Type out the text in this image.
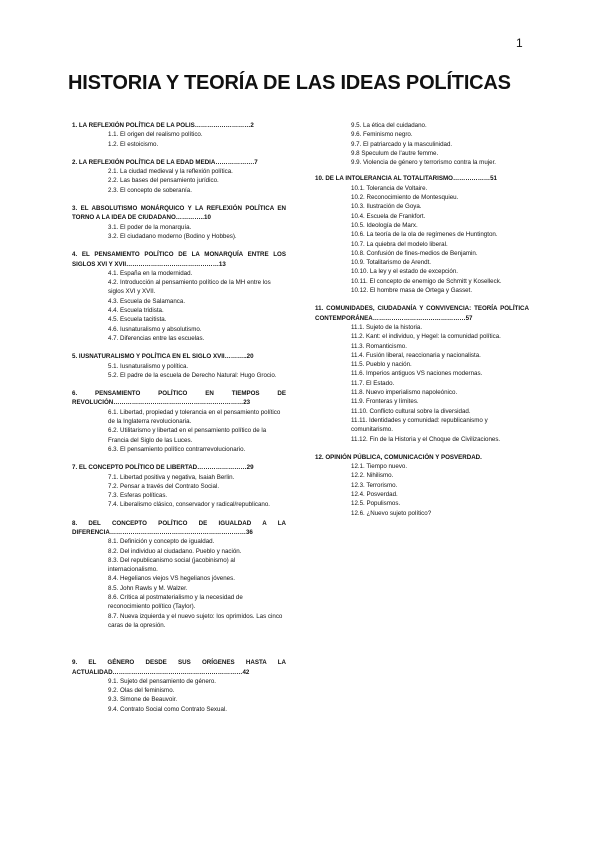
1
HISTORIA Y TEORÍA DE LAS IDEAS POLÍTICAS
1. LA REFLEXIÓN POLÍTICA DE LA POLIS………………………2
1.1. El origen del realismo político.
1.2. El estoicismo.
2. LA REFLEXIÓN POLÍTICA DE LA EDAD MEDIA……………….7
2.1. La ciudad medieval y la reflexión política.
2.2. Las bases del pensamiento jurídico.
2.3. El concepto de soberanía.
3. EL ABSOLUTISMO MONÁRQUICO Y LA REFLEXIÓN POLÍTICA EN TORNO A LA IDEA DE CIUDADANO…………..10
3.1. El poder de la monarquía.
3.2. El ciudadano moderno (Bodino y Hobbes).
4. EL PENSAMIENTO POLÍTICO DE LA MONARQUÍA ENTRE LOS SIGLOS XVI Y XVII………………………………………13
4.1. España en la modernidad.
4.2. Introducción al pensamiento político de la MH entre los siglos XVI y XVII.
4.3. Escuela de Salamanca.
4.4. Escuela tridista.
4.5. Escuela tacitista.
4.6. Iusnaturalismo y absolutismo.
4.7. Diferencias entre las escuelas.
5. IUSNATURALISMO Y POLÍTICA EN EL SIGLO XVII………..20
5.1. Iusnaturalismo y política.
5.2. El padre de la escuela de Derecho Natural: Hugo Grocio.
6. PENSAMIENTO POLÍTICO EN TIEMPOS DE REVOLUCIÓN………………………………………………………23
6.1. Libertad, propiedad y tolerancia en el pensamiento político de la Inglaterra revolucionaria.
6.2. Utilitarismo y libertad en el pensamiento político de la Francia del Siglo de las Luces.
6.3. El pensamiento político contrarrevolucionario.
7. EL CONCEPTO POLÍTICO DE LIBERTAD……………………29
7.1. Libertad positiva y negativa, Isaiah Berlin.
7.2. Pensar a través del Contrato Social.
7.3. Esferas políticas.
7.4. Liberalismo clásico, conservador y radical/republicano.
8. DEL CONCEPTO POLÍTICO DE IGUALDAD A LA DIFERENCIA…………………………………………………………36
8.1. Definición y concepto de igualdad.
8.2. Del individuo al ciudadano. Pueblo y nación.
8.3. Del republicanismo social (jacobinismo) al internacionalismo.
8.4. Hegelianos viejos VS hegelianos jóvenes.
8.5. John Rawls y M. Walzer.
8.6. Crítica al postmaterialismo y la necesidad de reconocimiento político (Taylor).
8.7. Nueva izquierda y el nuevo sujeto: los oprimidos. Las cinco caras de la opresión.
9. EL GÉNERO DESDE SUS ORÍGENES HASTA LA ACTUALIDAD………………………………………………………42
9.1. Sujeto del pensamiento de género.
9.2. Olas del feminismo.
9.3. Simone de Beauvoir.
9.4. Contrato Social como Contrato Sexual.
9.5. La ética del cuidadano.
9.6. Feminismo negro.
9.7. El patriarcado y la masculinidad.
9.8 Speculum de l'autre femme.
9.9. Violencia de género y terrorismo contra la mujer.
10. DE LA INTOLERANCIA AL TOTALITARISMO………………51
10.1. Tolerancia de Voltaire.
10.2. Reconocimiento de Montesquieu.
10.3. Ilustración de Goya.
10.4. Escuela de Frankfort.
10.5. Ideología de Marx.
10.6. La teoría de la ola de regímenes de Huntington.
10.7. La quiebra del modelo liberal.
10.8. Confusión de fines-medios de Benjamin.
10.9. Totalitarismo de Arendt.
10.10. La ley y el estado de excepción.
10.11. El concepto de enemigo de Schmitt y Koselleck.
10.12. El hombre masa de Ortega y Gasset.
11. COMUNIDADES, CIUDADANÍA Y CONVIVENCIA: TEORÍA POLÍTICA CONTEMPORÁNEA………………………………………57
11.1. Sujeto de la historia.
11.2. Kant: el individuo, y Hegel: la comunidad política.
11.3. Romanticismo.
11.4. Fusión liberal, reaccionaria y nacionalista.
11.5. Pueblo y nación.
11.6. Imperios antiguos VS naciones modernas.
11.7. El Estado.
11.8. Nuevo imperialismo napoleónico.
11.9. Fronteras y límites.
11.10. Conflicto cultural sobre la diversidad.
11.11. Identidades y comunidad: republicanismo y comunitarismo.
11.12. Fin de la Historia y el Choque de Civilizaciones.
12. OPINIÓN PÚBLICA, COMUNICACIÓN Y POSVERDAD.
12.1. Tiempo nuevo.
12.2. Nihilismo.
12.3. Terrorismo.
12.4. Posverdad.
12.5. Populismos.
12.6. ¿Nuevo sujeto político?
